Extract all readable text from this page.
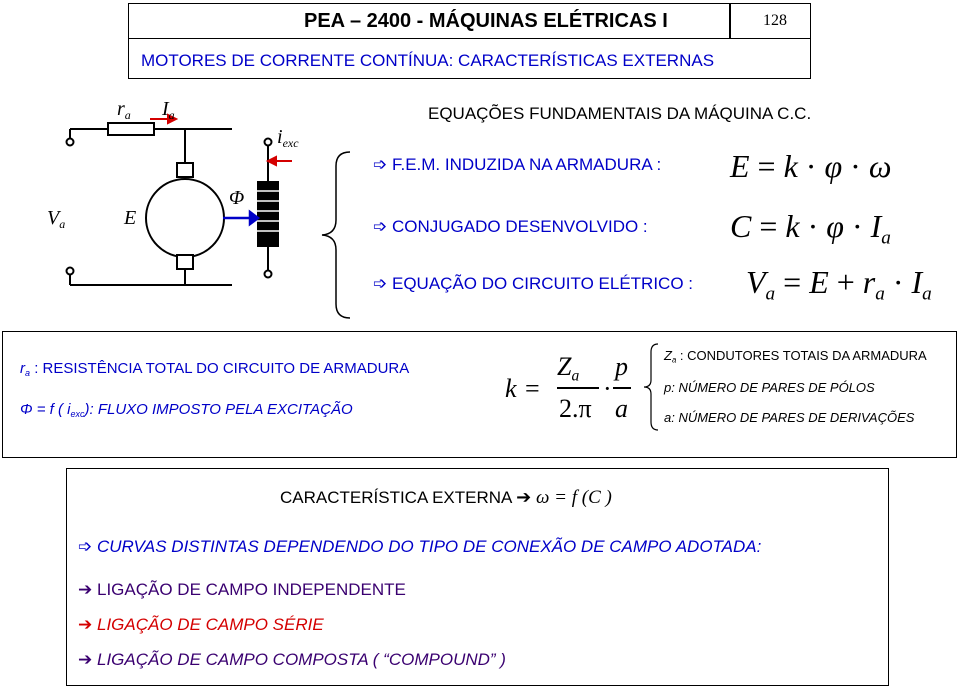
PEA – 2400 - MÁQUINAS ELÉTRICAS I	128
MOTORES DE CORRENTE CONTÍNUA: CARACTERÍSTICAS EXTERNAS
$r_a$ $I_a$
$i_{exc}$
Φ
$V_a$	E
EQUAÇÕES FUNDAMENTAIS DA MÁQUINA C.C.
➩ F.E.M. INDUZIDA NA ARMADURA :
➩ CONJUGADO DESENVOLVIDO :
➩ EQUAÇÃO DO CIRCUITO ELÉTRICO :
E = k · φ · ω
$C = k \cdot \varphi \cdot I_a$
$V_a = E + r_a \cdot I_a$
$r_a$ : RESISTÊNCIA TOTAL DO CIRCUITO DE ARMADURA
Φ = f ( $i_{exc}$): FLUXO IMPOSTO PELA EXCITAÇÃO
k =
$Z_a$
2.π
·
p
a
$Z_a$ : CONDUTORES TOTAIS DA ARMADURA
p: NÚMERO DE PARES DE PÓLOS
a: NÚMERO DE PARES DE DERIVAÇÕES
CARACTERÍSTICA EXTERNA ➔ ω = f (C )
➩ CURVAS DISTINTAS DEPENDENDO DO TIPO DE CONEXÃO DE CAMPO ADOTADA:
➔ LIGAÇÃO DE CAMPO INDEPENDENTE
➔ LIGAÇÃO DE CAMPO SÉRIE
➔ LIGAÇÃO DE CAMPO COMPOSTA ( “COMPOUND” )
